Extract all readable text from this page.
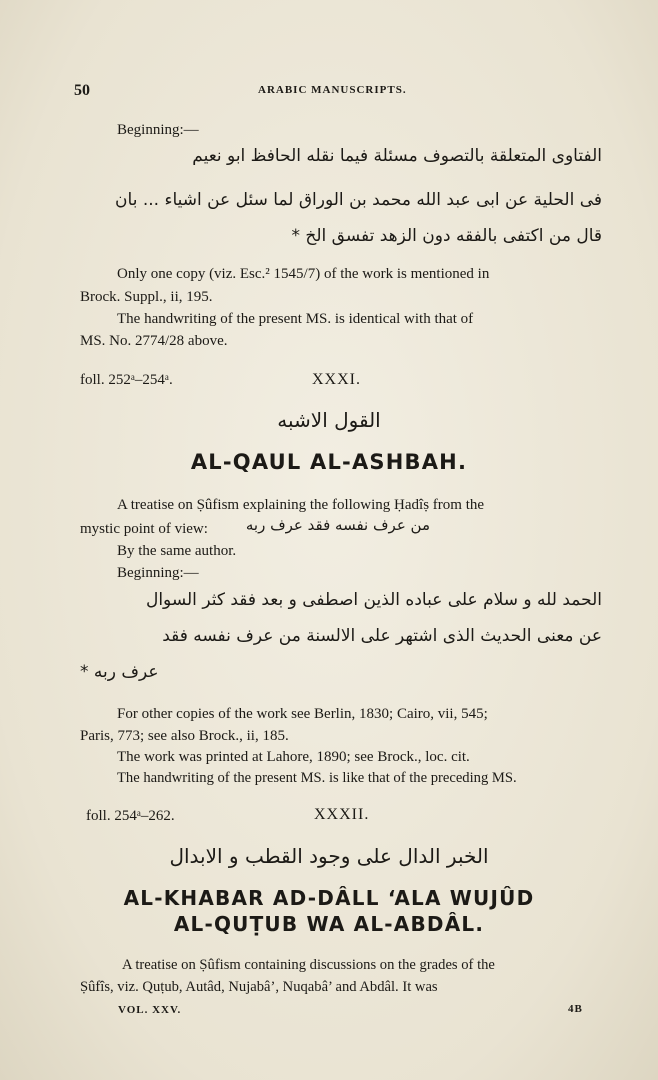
50	ARABIC MANUSCRIPTS.
Beginning:—
الفتاوی المتعلقة بالتصوف مسئلة فيما نقله الحافظ ابو نعيم
فی الحلية عن ابی عبد الله محمد بن الوراق لما سئل عن اشياء ... بان
قال من اكتفی بالفقه دون الزهد تفسق الخ *
Only one copy (viz. Esc.² 1545/7) of the work is mentioned in
Brock. Suppl., ii, 195.
The handwriting of the present MS. is identical with that of
MS. No. 2774/28 above.
foll. 252ᵃ–254ᵃ.	XXXI.
القول الاشبه
AL-QAUL AL-ASHBAH.
A treatise on Ṣûfism explaining the following Ḥadîṣ from the
mystic point of view:	من عرف نفسه فقد عرف ربه
By the same author.
Beginning:—
الحمد لله و سلام علی عباده الذين اصطفی و بعد فقد كثر السوال
عن معنی الحديث الذی اشتهر علی الالسنة من عرف نفسه فقد
عرف ربه *
For other copies of the work see Berlin, 1830; Cairo, vii, 545;
Paris, 773; see also Brock., ii, 185.
The work was printed at Lahore, 1890; see Brock., loc. cit.
The handwriting of the present MS. is like that of the preceding MS.
foll. 254ᵃ–262.	XXXII.
الخبر الدال علی وجود القطب و الابدال
AL-KHABAR AD-DÂLL ‘ALA WUJÛD
AL-QUṬUB WA AL-ABDÂL.
A treatise on Ṣûfism containing discussions on the grades of the
Ṣûfîs, viz. Quṭub, Autâd, Nujabâ’, Nuqabâ’ and Abdâl. It was
VOL. XXV.	4B
